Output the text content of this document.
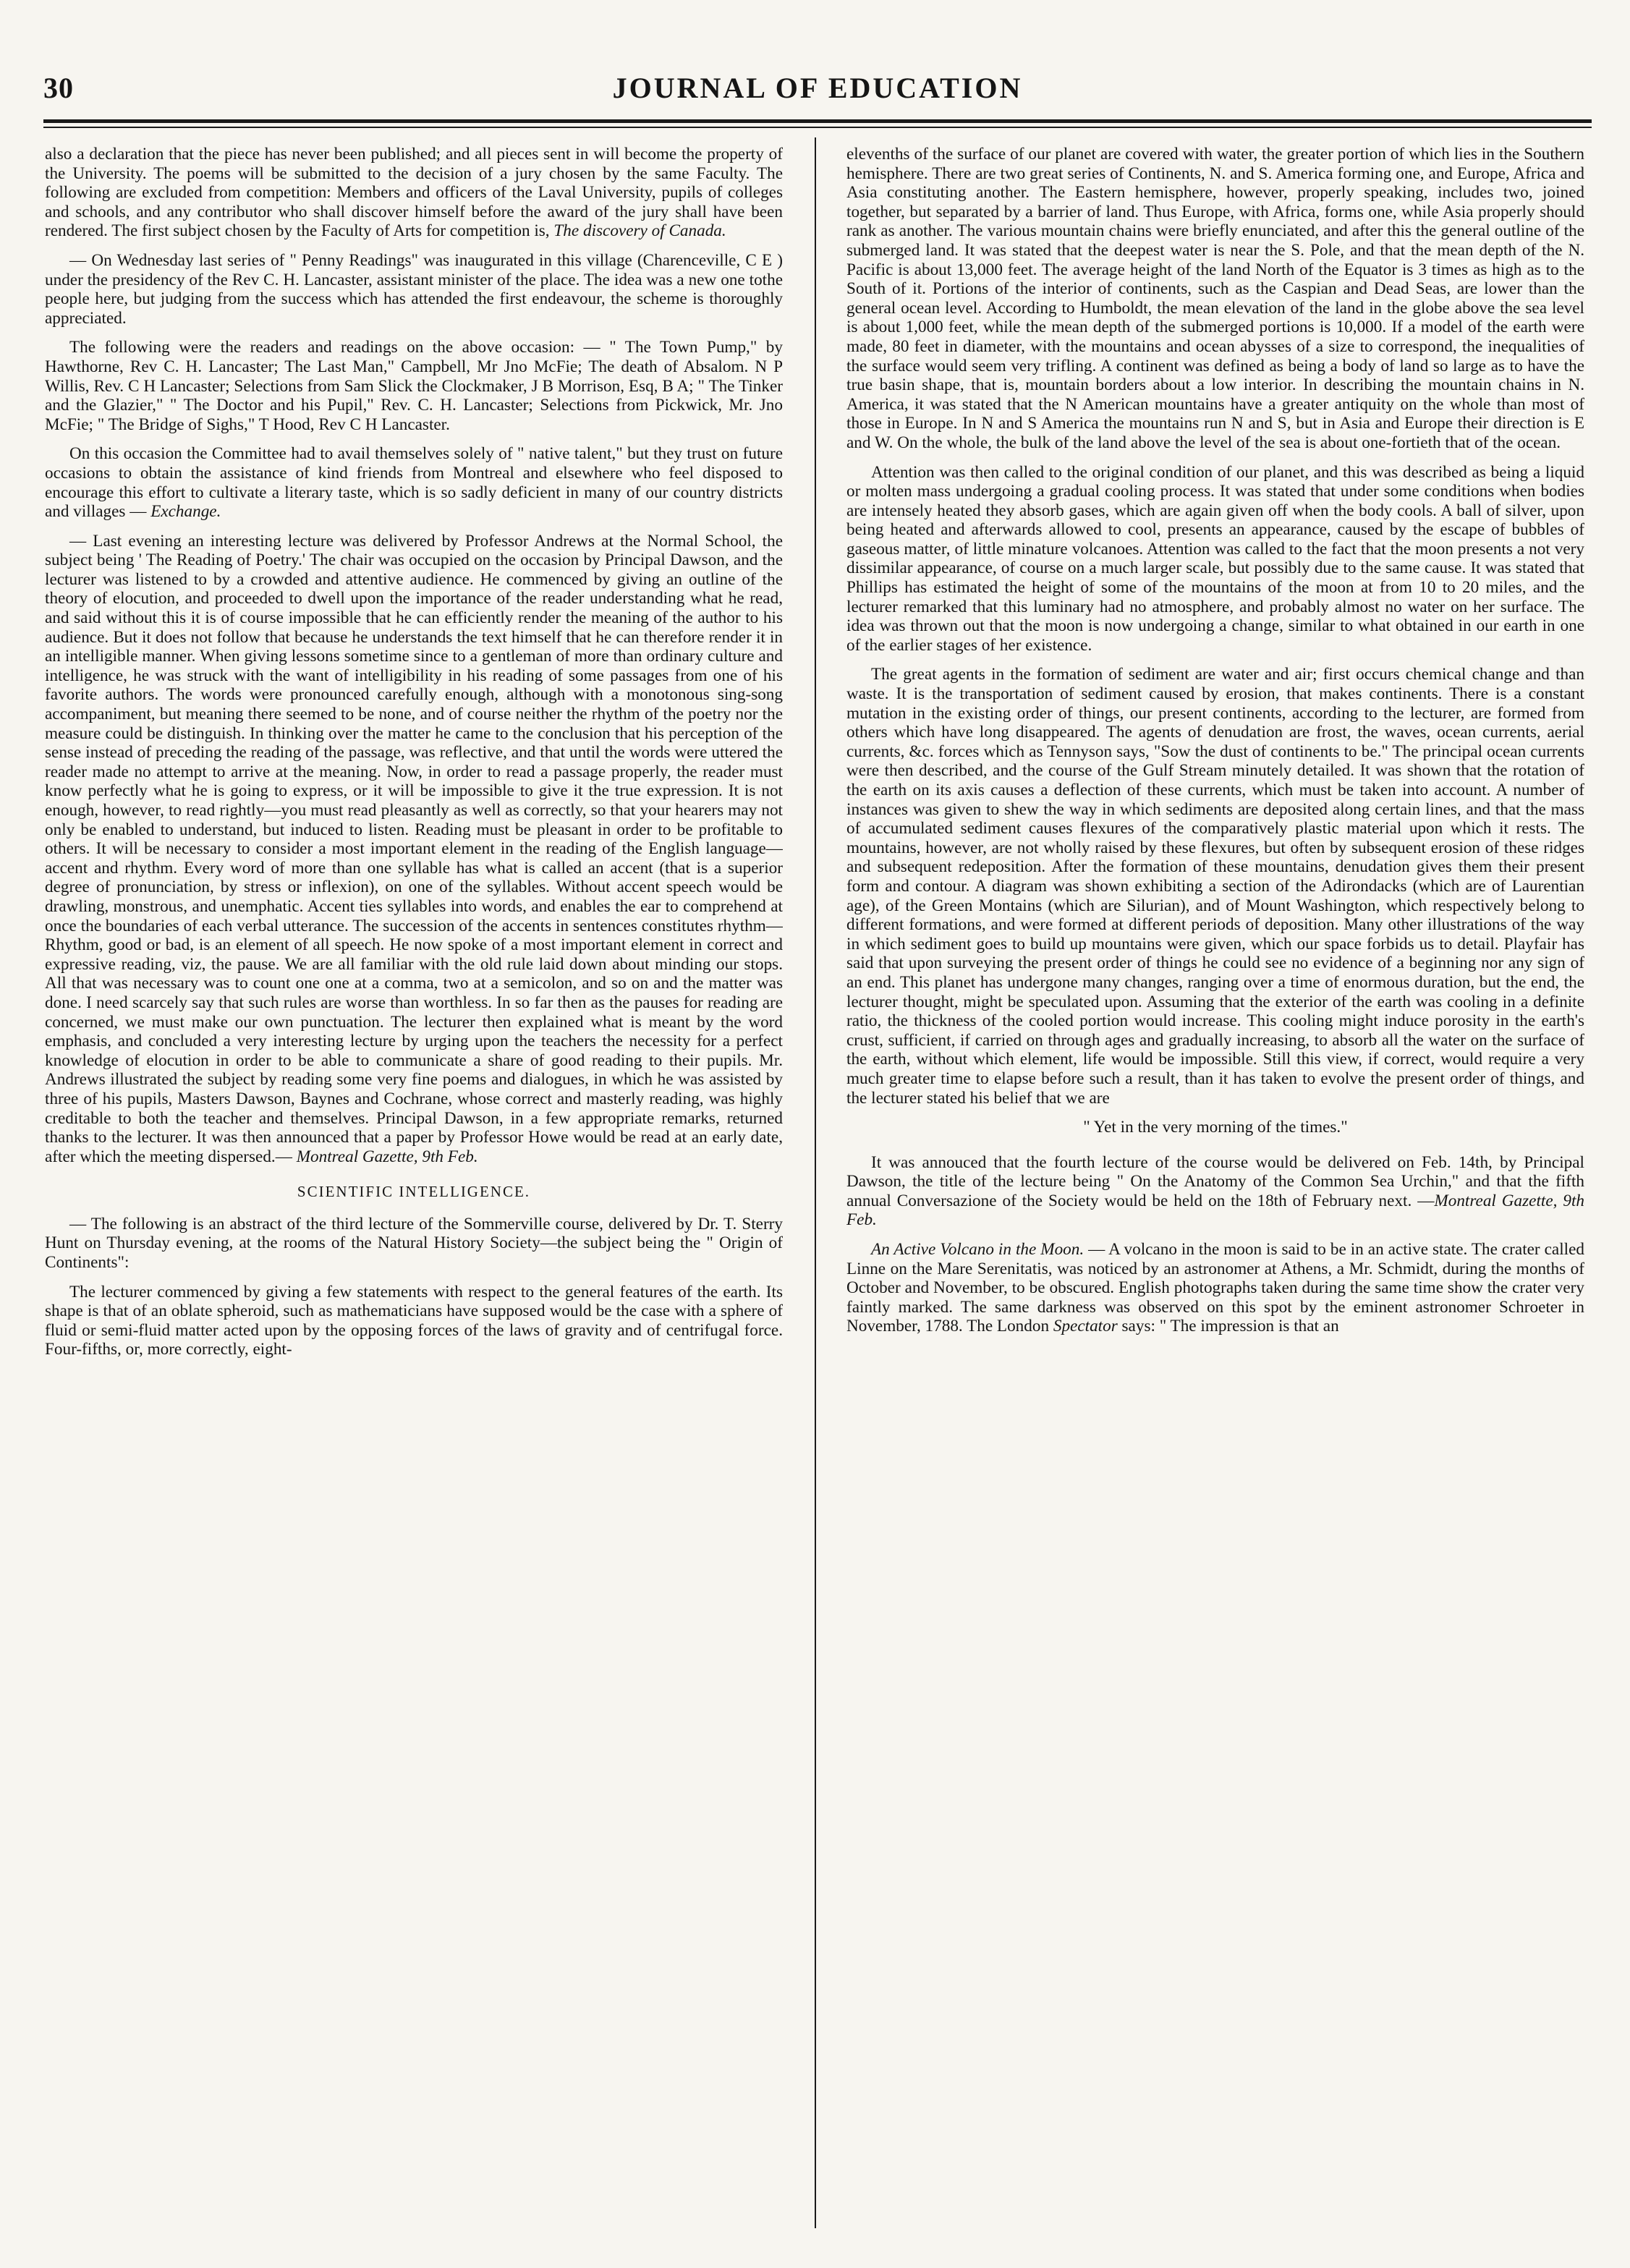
30	JOURNAL OF EDUCATION

also a declaration that the piece has never been published; and all pieces sent in will become the property of the University. The poems will be submitted to the decision of a jury chosen by the same Faculty. The following are excluded from competition: Members and officers of the Laval University, pupils of colleges and schools, and any contributor who shall discover himself before the award of the jury shall have been rendered. The first subject chosen by the Faculty of Arts for competition is, The discovery of Canada.

— On Wednesday last series of " Penny Readings" was inaugurated in this village (Charenceville, C E ) under the presidency of the Rev C. H. Lancaster, assistant minister of the place. The idea was a new one tothe people here, but judging from the success which has attended the first endeavour, the scheme is thoroughly appreciated.

The following were the readers and readings on the above occasion: — " The Town Pump," by Hawthorne, Rev C. H. Lancaster; The Last Man," Campbell, Mr Jno McFie; The death of Absalom. N P Willis, Rev. C H Lancaster; Selections from Sam Slick the Clockmaker, J B Morrison, Esq, B A; " The Tinker and the Glazier," " The Doctor and his Pupil," Rev. C. H. Lancaster; Selections from Pickwick, Mr. Jno McFie; " The Bridge of Sighs," T Hood, Rev C H Lancaster.

On this occasion the Committee had to avail themselves solely of " native talent," but they trust on future occasions to obtain the assistance of kind friends from Montreal and elsewhere who feel disposed to encourage this effort to cultivate a literary taste, which is so sadly deficient in many of our country districts and villages — Exchange.

— Last evening an interesting lecture was delivered by Professor Andrews at the Normal School, the subject being ' The Reading of Poetry.' The chair was occupied on the occasion by Principal Dawson, and the lecturer was listened to by a crowded and attentive audience. He commenced by giving an outline of the theory of elocution, and proceeded to dwell upon the importance of the reader understanding what he read, and said without this it is of course impossible that he can efficiently render the meaning of the author to his audience. But it does not follow that because he understands the text himself that he can therefore render it in an intelligible manner. When giving lessons sometime since to a gentleman of more than ordinary culture and intelligence, he was struck with the want of intelligibility in his reading of some passages from one of his favorite authors. The words were pronounced carefully enough, although with a monotonous sing-song accompaniment, but meaning there seemed to be none, and of course neither the rhythm of the poetry nor the measure could be distinguish. In thinking over the matter he came to the conclusion that his perception of the sense instead of preceding the reading of the passage, was reflective, and that until the words were uttered the reader made no attempt to arrive at the meaning. Now, in order to read a passage properly, the reader must know perfectly what he is going to express, or it will be impossible to give it the true expression. It is not enough, however, to read rightly—you must read pleasantly as well as correctly, so that your hearers may not only be enabled to understand, but induced to listen. Reading must be pleasant in order to be profitable to others. It will be necessary to consider a most important element in the reading of the English language—accent and rhythm. Every word of more than one syllable has what is called an accent (that is a superior degree of pronunciation, by stress or inflexion), on one of the syllables. Without accent speech would be drawling, monstrous, and unemphatic. Accent ties syllables into words, and enables the ear to comprehend at once the boundaries of each verbal utterance. The succession of the accents in sentences constitutes rhythm—Rhythm, good or bad, is an element of all speech. He now spoke of a most important element in correct and expressive reading, viz, the pause. We are all familiar with the old rule laid down about minding our stops. All that was necessary was to count one one at a comma, two at a semicolon, and so on and the matter was done. I need scarcely say that such rules are worse than worthless. In so far then as the pauses for reading are concerned, we must make our own punctuation. The lecturer then explained what is meant by the word emphasis, and concluded a very interesting lecture by urging upon the teachers the necessity for a perfect knowledge of elocution in order to be able to communicate a share of good reading to their pupils. Mr. Andrews illustrated the subject by reading some very fine poems and dialogues, in which he was assisted by three of his pupils, Masters Dawson, Baynes and Cochrane, whose correct and masterly reading, was highly creditable to both the teacher and themselves. Principal Dawson, in a few appropriate remarks, returned thanks to the lecturer. It was then announced that a paper by Professor Howe would be read at an early date, after which the meeting dispersed.— Montreal Gazette, 9th Feb.

SCIENTIFIC INTELLIGENCE.

— The following is an abstract of the third lecture of the Sommerville course, delivered by Dr. T. Sterry Hunt on Thursday evening, at the rooms of the Natural History Society—the subject being the " Origin of Continents":

The lecturer commenced by giving a few statements with respect to the general features of the earth. Its shape is that of an oblate spheroid, such as mathematicians have supposed would be the case with a sphere of fluid or semi-fluid matter acted upon by the opposing forces of the laws of gravity and of centrifugal force. Four-fifths, or, more correctly, eight-

elevenths of the surface of our planet are covered with water, the greater portion of which lies in the Southern hemisphere. There are two great series of Continents, N. and S. America forming one, and Europe, Africa and Asia constituting another. The Eastern hemisphere, however, properly speaking, includes two, joined together, but separated by a barrier of land. Thus Europe, with Africa, forms one, while Asia properly should rank as another. The various mountain chains were briefly enunciated, and after this the general outline of the submerged land. It was stated that the deepest water is near the S. Pole, and that the mean depth of the N. Pacific is about 13,000 feet. The average height of the land North of the Equator is 3 times as high as to the South of it. Portions of the interior of continents, such as the Caspian and Dead Seas, are lower than the general ocean level. According to Humboldt, the mean elevation of the land in the globe above the sea level is about 1,000 feet, while the mean depth of the submerged portions is 10,000. If a model of the earth were made, 80 feet in diameter, with the mountains and ocean abysses of a size to correspond, the inequalities of the surface would seem very trifling. A continent was defined as being a body of land so large as to have the true basin shape, that is, mountain borders about a low interior. In describing the mountain chains in N. America, it was stated that the N American mountains have a greater antiquity on the whole than most of those in Europe. In N and S America the mountains run N and S, but in Asia and Europe their direction is E and W. On the whole, the bulk of the land above the level of the sea is about one-fortieth that of the ocean.

Attention was then called to the original condition of our planet, and this was described as being a liquid or molten mass undergoing a gradual cooling process. It was stated that under some conditions when bodies are intensely heated they absorb gases, which are again given off when the body cools. A ball of silver, upon being heated and afterwards allowed to cool, presents an appearance, caused by the escape of bubbles of gaseous matter, of little minature volcanoes. Attention was called to the fact that the moon presents a not very dissimilar appearance, of course on a much larger scale, but possibly due to the same cause. It was stated that Phillips has estimated the height of some of the mountains of the moon at from 10 to 20 miles, and the lecturer remarked that this luminary had no atmosphere, and probably almost no water on her surface. The idea was thrown out that the moon is now undergoing a change, similar to what obtained in our earth in one of the earlier stages of her existence.

The great agents in the formation of sediment are water and air; first occurs chemical change and than waste. It is the transportation of sediment caused by erosion, that makes continents. There is a constant mutation in the existing order of things, our present continents, according to the lecturer, are formed from others which have long disappeared. The agents of denudation are frost, the waves, ocean currents, aerial currents, &c. forces which as Tennyson says, "Sow the dust of continents to be." The principal ocean currents were then described, and the course of the Gulf Stream minutely detailed. It was shown that the rotation of the earth on its axis causes a deflection of these currents, which must be taken into account. A number of instances was given to shew the way in which sediments are deposited along certain lines, and that the mass of accumulated sediment causes flexures of the comparatively plastic material upon which it rests. The mountains, however, are not wholly raised by these flexures, but often by subsequent erosion of these ridges and subsequent redeposition. After the formation of these mountains, denudation gives them their present form and contour. A diagram was shown exhibiting a section of the Adirondacks (which are of Laurentian age), of the Green Montains (which are Silurian), and of Mount Washington, which respectively belong to different formations, and were formed at different periods of deposition. Many other illustrations of the way in which sediment goes to build up mountains were given, which our space forbids us to detail. Playfair has said that upon surveying the present order of things he could see no evidence of a beginning nor any sign of an end. This planet has undergone many changes, ranging over a time of enormous duration, but the end, the lecturer thought, might be speculated upon. Assuming that the exterior of the earth was cooling in a definite ratio, the thickness of the cooled portion would increase. This cooling might induce porosity in the earth's crust, sufficient, if carried on through ages and gradually increasing, to absorb all the water on the surface of the earth, without which element, life would be impossible. Still this view, if correct, would require a very much greater time to elapse before such a result, than it has taken to evolve the present order of things, and the lecturer stated his belief that we are

" Yet in the very morning of the times."

It was annouced that the fourth lecture of the course would be delivered on Feb. 14th, by Principal Dawson, the title of the lecture being " On the Anatomy of the Common Sea Urchin," and that the fifth annual Conversazione of the Society would be held on the 18th of February next. —Montreal Gazette, 9th Feb.

An Active Volcano in the Moon. — A volcano in the moon is said to be in an active state. The crater called Linne on the Mare Serenitatis, was noticed by an astronomer at Athens, a Mr. Schmidt, during the months of October and November, to be obscured. English photographs taken during the same time show the crater very faintly marked. The same darkness was observed on this spot by the eminent astronomer Schroeter in November, 1788. The London Spectator says: " The impression is that an
